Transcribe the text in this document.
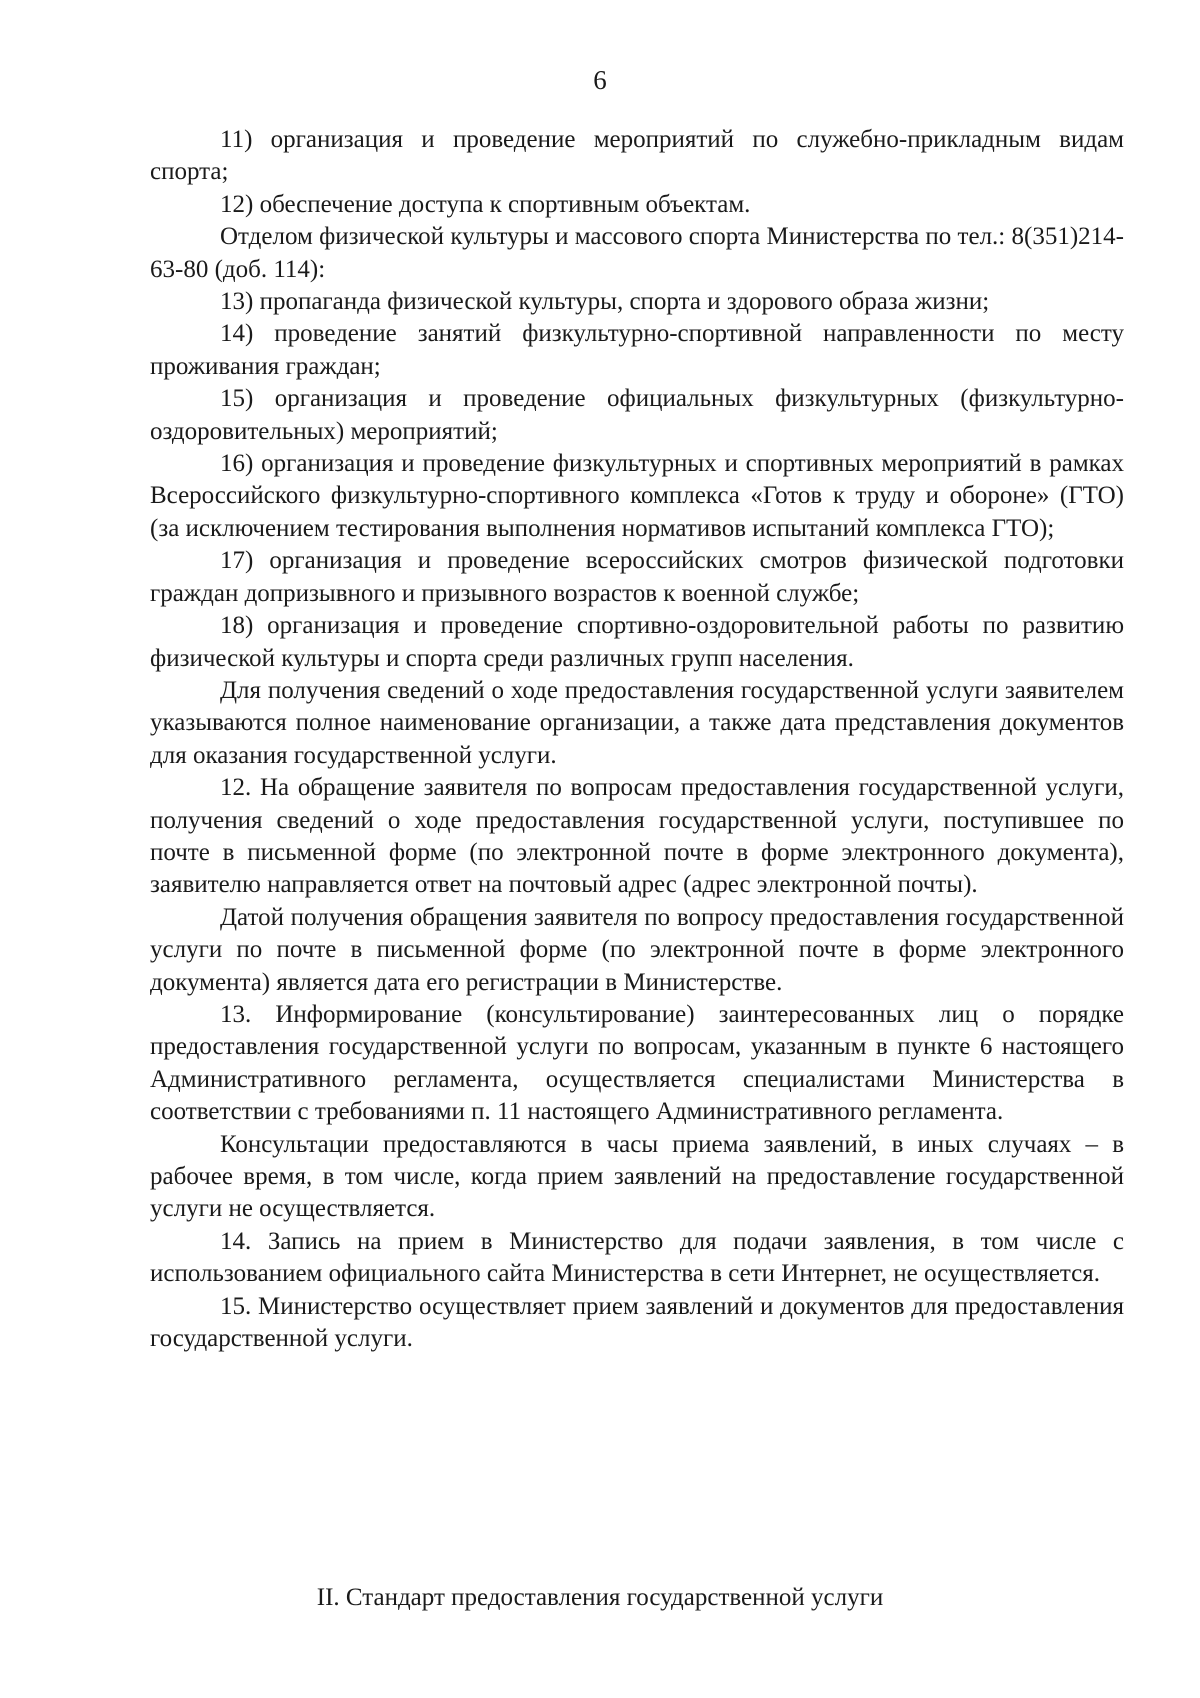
6

11) организация и проведение мероприятий по служебно-прикладным видам спорта;

12) обеспечение доступа к спортивным объектам.

Отделом физической культуры и массового спорта Министерства по тел.: 8(351)214-63-80 (доб. 114):

13) пропаганда физической культуры, спорта и здорового образа жизни;

14) проведение занятий физкультурно-спортивной направленности по месту проживания граждан;

15) организация и проведение официальных физкультурных (физкультурно-оздоровительных) мероприятий;

16) организация и проведение физкультурных и спортивных мероприятий в рамках Всероссийского физкультурно-спортивного комплекса «Готов к труду и обороне» (ГТО) (за исключением тестирования выполнения нормативов испытаний комплекса ГТО);

17) организация и проведение всероссийских смотров физической подготовки граждан допризывного и призывного возрастов к военной службе;

18) организация и проведение спортивно-оздоровительной работы по развитию физической культуры и спорта среди различных групп населения.

Для получения сведений о ходе предоставления государственной услуги заявителем указываются полное наименование организации, а также дата представления документов для оказания государственной услуги.

12. На обращение заявителя по вопросам предоставления государственной услуги, получения сведений о ходе предоставления государственной услуги, поступившее по почте в письменной форме (по электронной почте в форме электронного документа), заявителю направляется ответ на почтовый адрес (адрес электронной почты).

Датой получения обращения заявителя по вопросу предоставления государственной услуги по почте в письменной форме (по электронной почте в форме электронного документа) является дата его регистрации в Министерстве.

13. Информирование (консультирование) заинтересованных лиц о порядке предоставления государственной услуги по вопросам, указанным в пункте 6 настоящего Административного регламента, осуществляется специалистами Министерства в соответствии с требованиями п. 11 настоящего Административного регламента.

Консультации предоставляются в часы приема заявлений, в иных случаях – в рабочее время, в том числе, когда прием заявлений на предоставление государственной услуги не осуществляется.

14. Запись на прием в Министерство для подачи заявления, в том числе с использованием официального сайта Министерства в сети Интернет, не осуществляется.

15. Министерство осуществляет прием заявлений и документов для предоставления государственной услуги.

II. Стандарт предоставления государственной услуги
